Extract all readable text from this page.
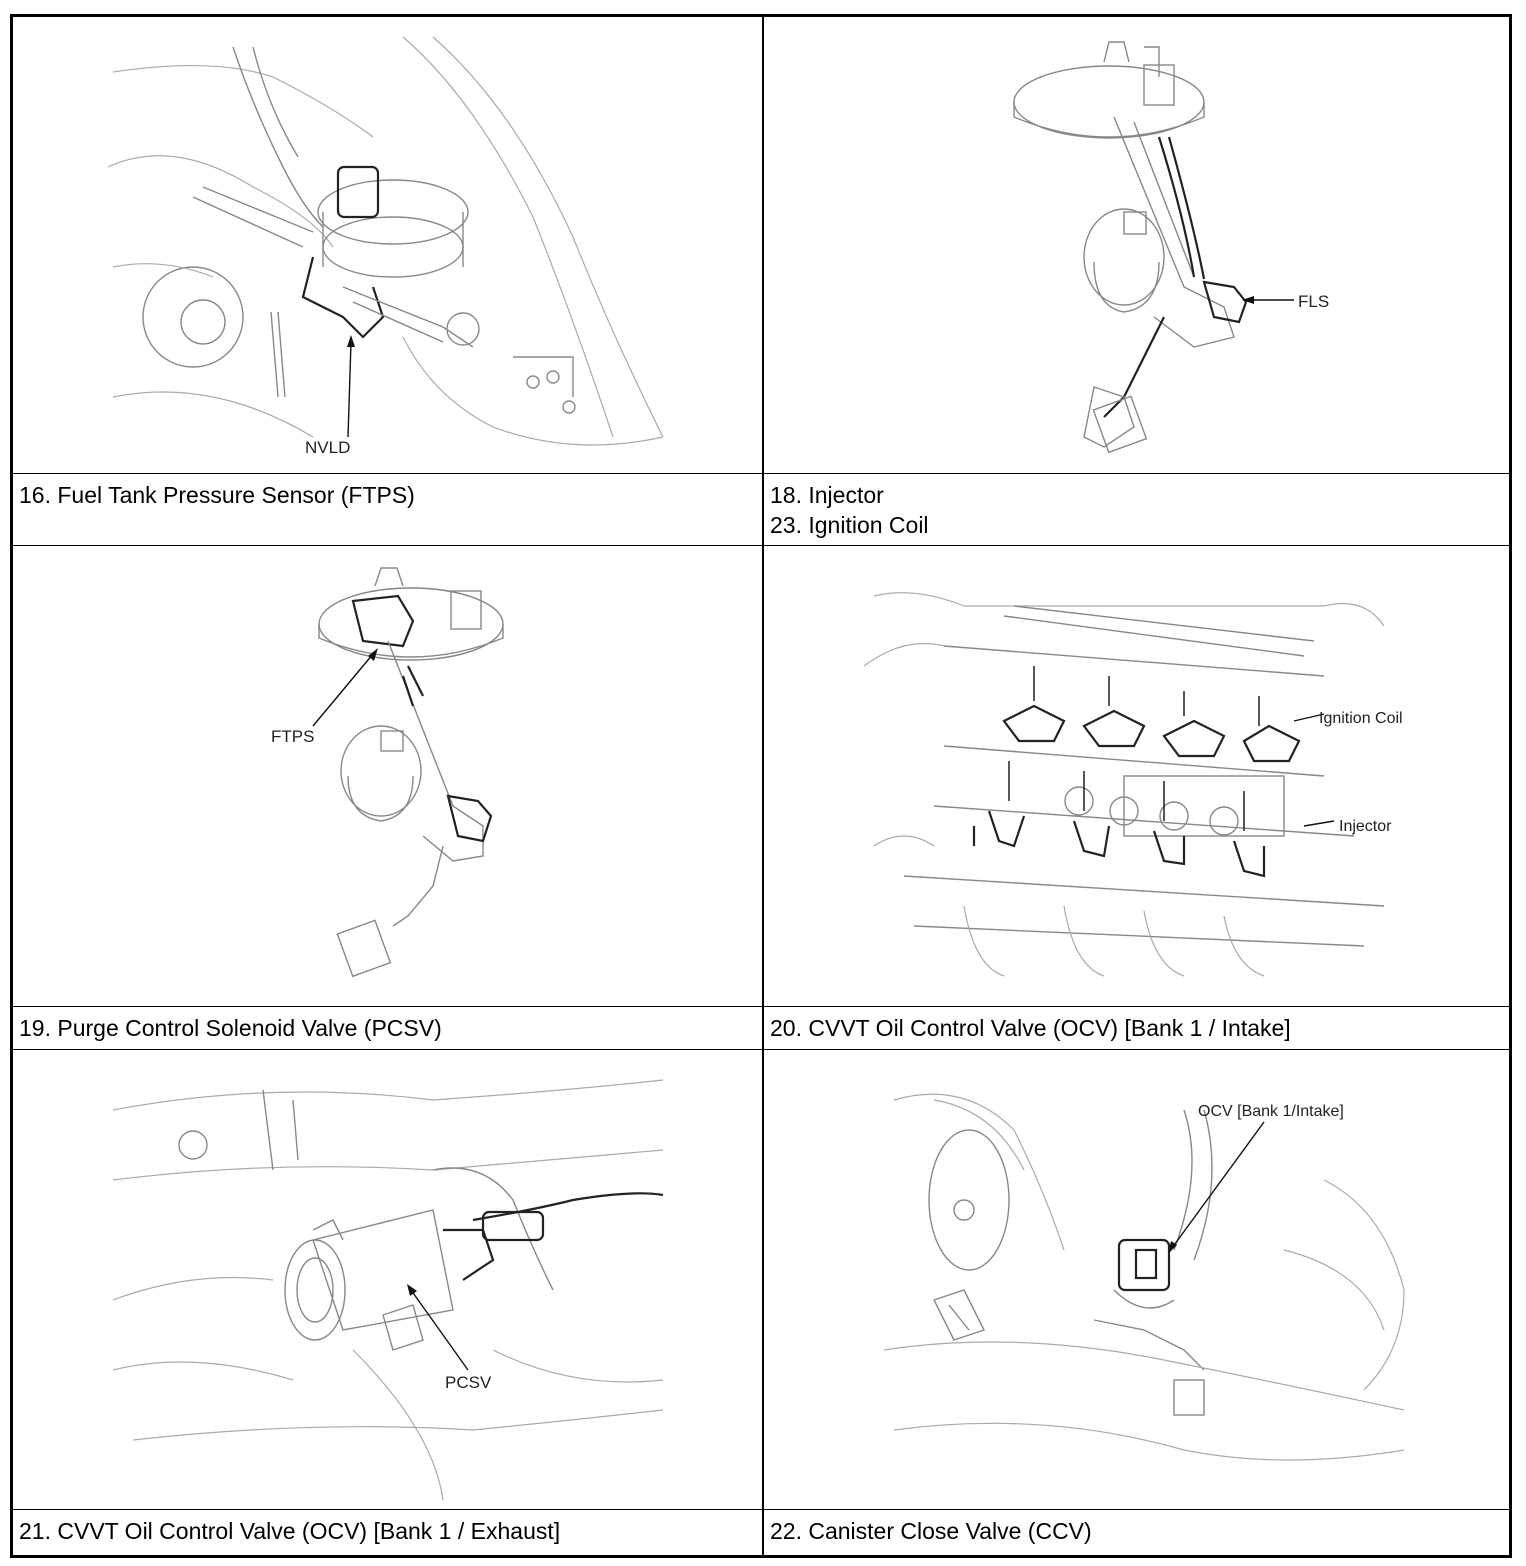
NVLD
FLS
16. Fuel Tank Pressure Sensor (FTPS)	18. Injector
23. Ignition Coil
FTPS
Ignition Coil
Injector
19. Purge Control Solenoid Valve (PCSV)	20. CVVT Oil Control Valve (OCV) [Bank 1 / Intake]
PCSV
OCV [Bank 1/Intake]
21. CVVT Oil Control Valve (OCV) [Bank 1 / Exhaust]	22. Canister Close Valve (CCV)
